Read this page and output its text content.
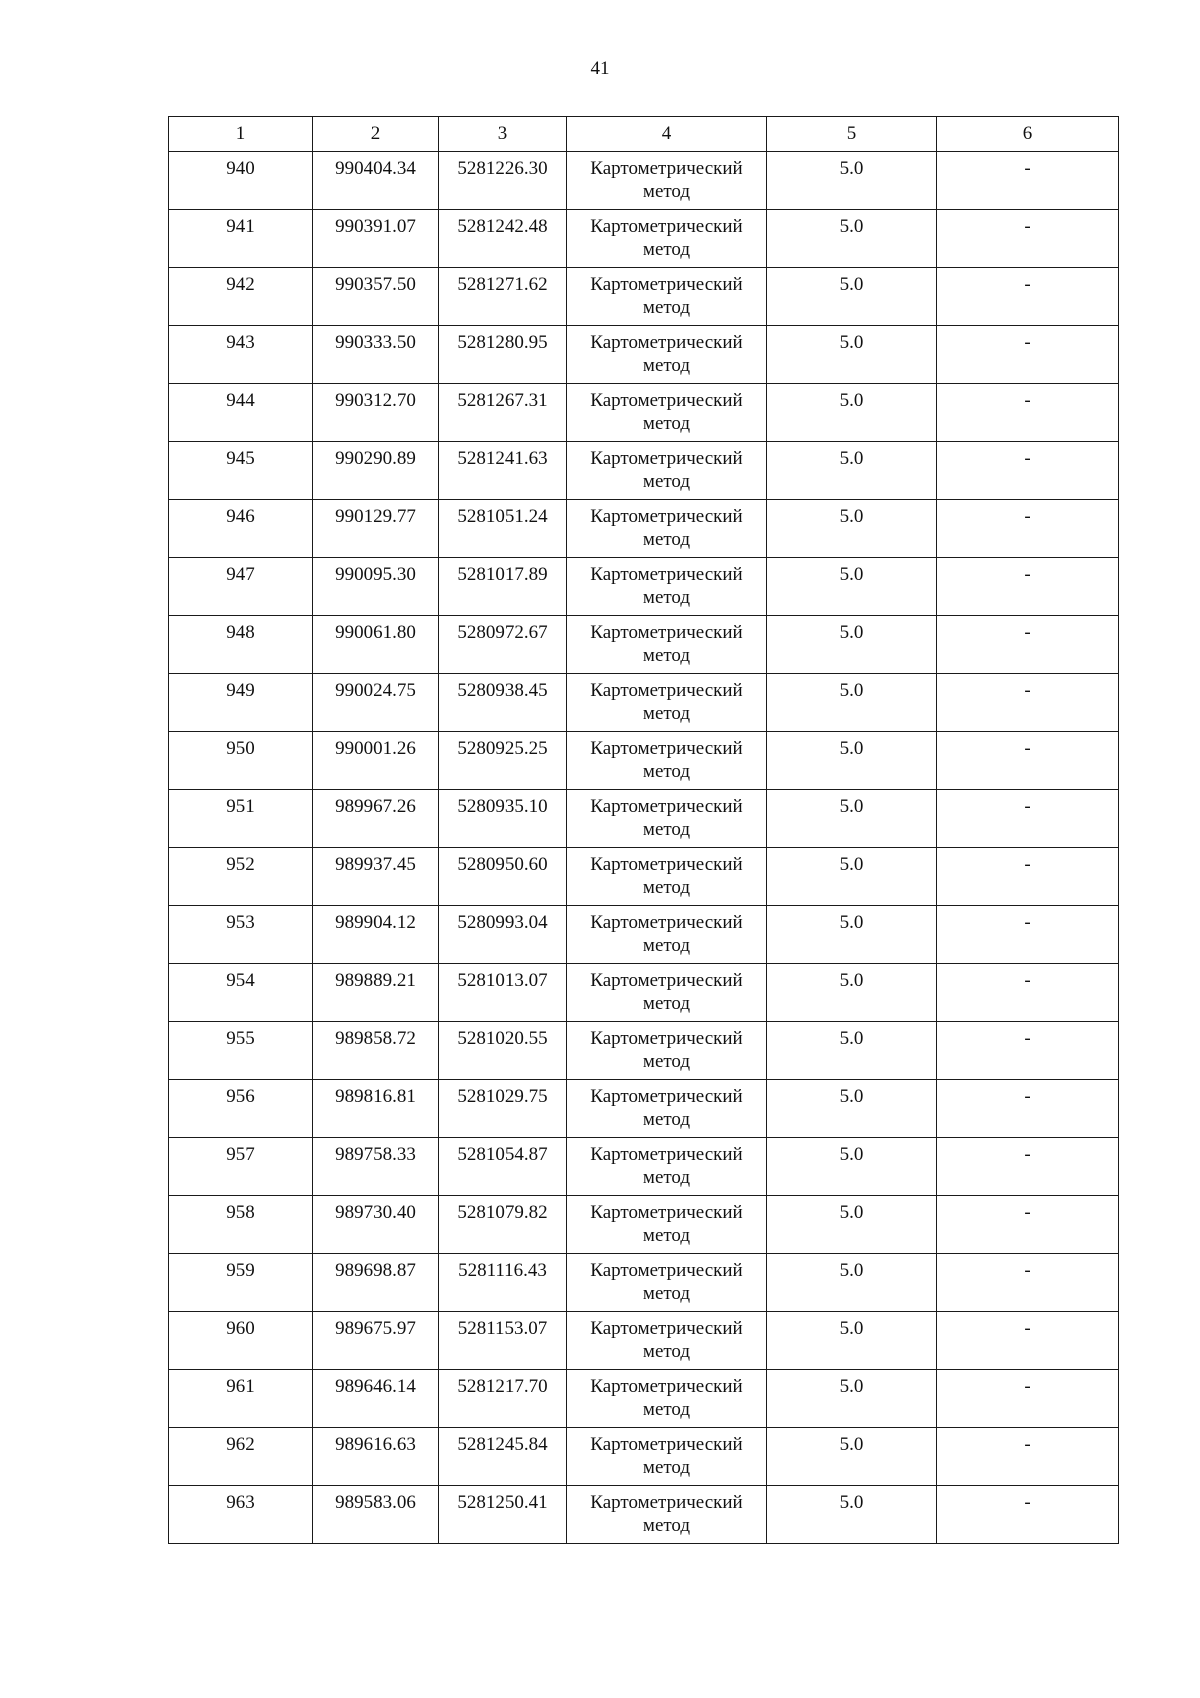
41
1	2	3	4	5	6
940	990404.34	5281226.30	Картометрический
метод	5.0	-
941	990391.07	5281242.48	Картометрический
метод	5.0	-
942	990357.50	5281271.62	Картометрический
метод	5.0	-
943	990333.50	5281280.95	Картометрический
метод	5.0	-
944	990312.70	5281267.31	Картометрический
метод	5.0	-
945	990290.89	5281241.63	Картометрический
метод	5.0	-
946	990129.77	5281051.24	Картометрический
метод	5.0	-
947	990095.30	5281017.89	Картометрический
метод	5.0	-
948	990061.80	5280972.67	Картометрический
метод	5.0	-
949	990024.75	5280938.45	Картометрический
метод	5.0	-
950	990001.26	5280925.25	Картометрический
метод	5.0	-
951	989967.26	5280935.10	Картометрический
метод	5.0	-
952	989937.45	5280950.60	Картометрический
метод	5.0	-
953	989904.12	5280993.04	Картометрический
метод	5.0	-
954	989889.21	5281013.07	Картометрический
метод	5.0	-
955	989858.72	5281020.55	Картометрический
метод	5.0	-
956	989816.81	5281029.75	Картометрический
метод	5.0	-
957	989758.33	5281054.87	Картометрический
метод	5.0	-
958	989730.40	5281079.82	Картометрический
метод	5.0	-
959	989698.87	5281116.43	Картометрический
метод	5.0	-
960	989675.97	5281153.07	Картометрический
метод	5.0	-
961	989646.14	5281217.70	Картометрический
метод	5.0	-
962	989616.63	5281245.84	Картометрический
метод	5.0	-
963	989583.06	5281250.41	Картометрический
метод	5.0	-
